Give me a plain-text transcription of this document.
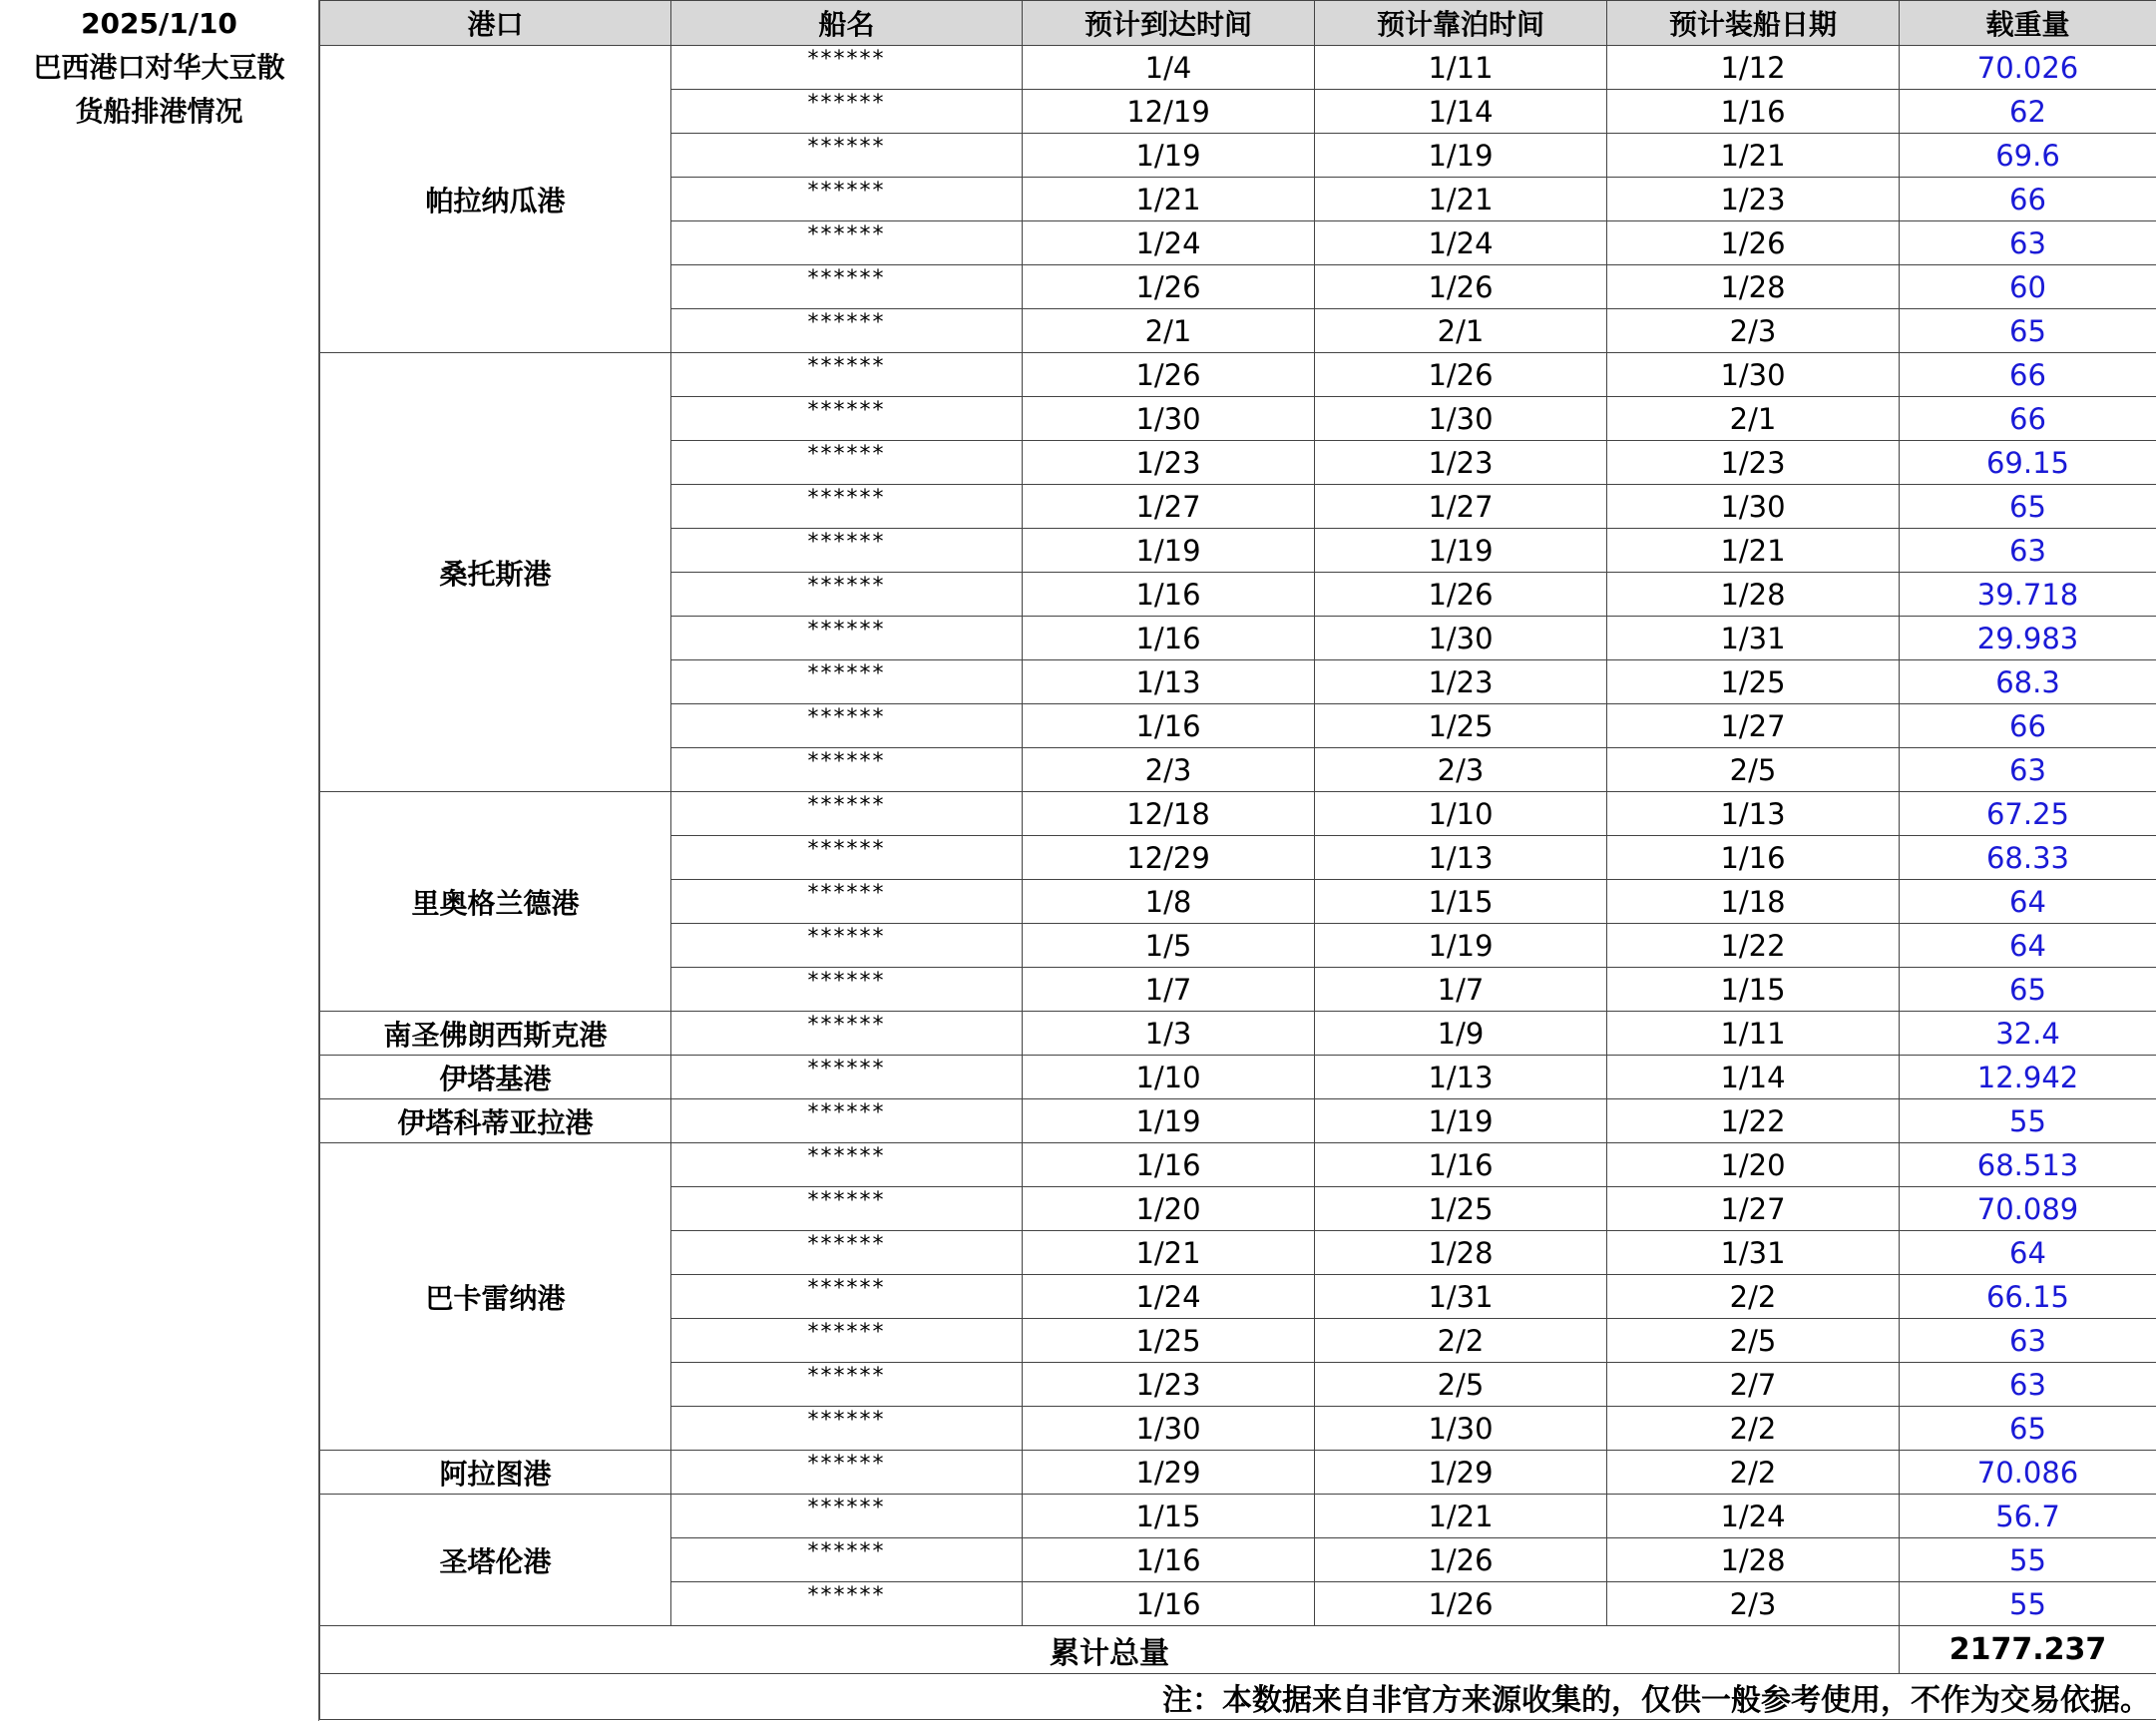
2025/1/10
巴西港口对华大豆散
货船排港情况
港口	船名	预计到达时间	预计靠泊时间	预计装船日期	载重量
帕拉纳瓜港	******	1/4	1/11	1/12	70.026
	******	12/19	1/14	1/16	62
	******	1/19	1/19	1/21	69.6
	******	1/21	1/21	1/23	66
	******	1/24	1/24	1/26	63
	******	1/26	1/26	1/28	60
	******	2/1	2/1	2/3	65
桑托斯港	******	1/26	1/26	1/30	66
	******	1/30	1/30	2/1	66
	******	1/23	1/23	1/23	69.15
	******	1/27	1/27	1/30	65
	******	1/19	1/19	1/21	63
	******	1/16	1/26	1/28	39.718
	******	1/16	1/30	1/31	29.983
	******	1/13	1/23	1/25	68.3
	******	1/16	1/25	1/27	66
	******	2/3	2/3	2/5	63
里奥格兰德港	******	12/18	1/10	1/13	67.25
	******	12/29	1/13	1/16	68.33
	******	1/8	1/15	1/18	64
	******	1/5	1/19	1/22	64
	******	1/7	1/7	1/15	65
南圣佛朗西斯克港	******	1/3	1/9	1/11	32.4
伊塔基港	******	1/10	1/13	1/14	12.942
伊塔科蒂亚拉港	******	1/19	1/19	1/22	55
巴卡雷纳港	******	1/16	1/16	1/20	68.513
	******	1/20	1/25	1/27	70.089
	******	1/21	1/28	1/31	64
	******	1/24	1/31	2/2	66.15
	******	1/25	2/2	2/5	63
	******	1/23	2/5	2/7	63
	******	1/30	1/30	2/2	65
阿拉图港	******	1/29	1/29	2/2	70.086
圣塔伦港	******	1/15	1/21	1/24	56.7
	******	1/16	1/26	1/28	55
	******	1/16	1/26	2/3	55
累计总量					2177.237
注：本数据来自非官方来源收集的，仅供一般参考使用，不作为交易依据。					
